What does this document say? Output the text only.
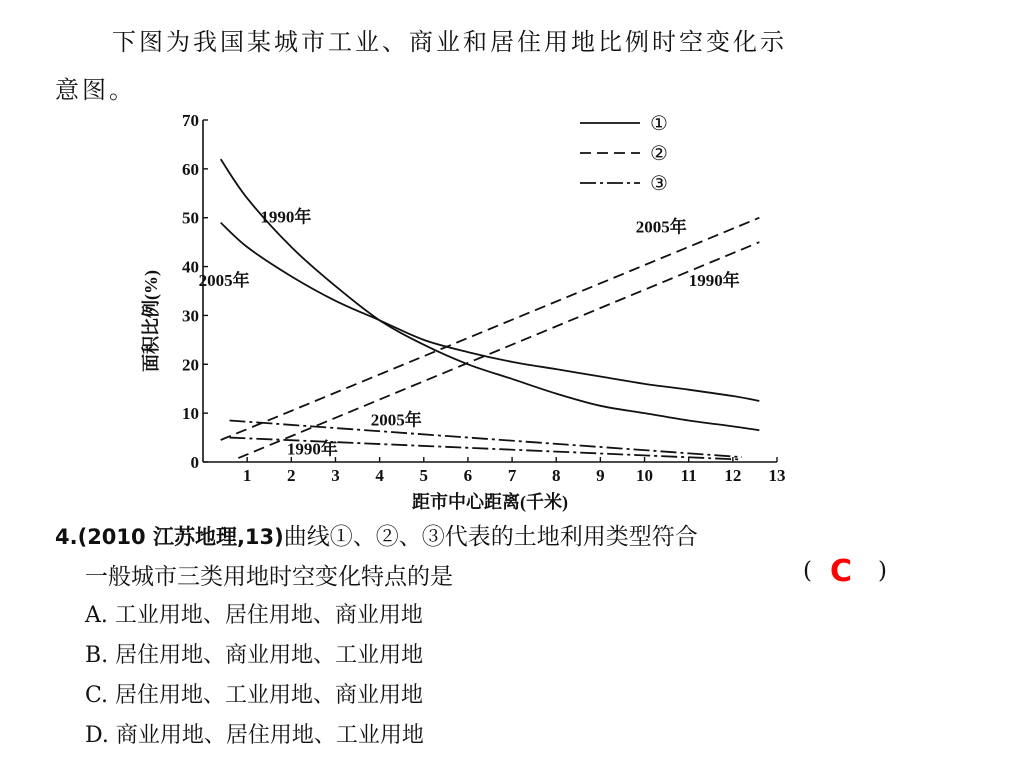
下图为我国某城市工业、商业和居住用地比例时空变化示
意图。
0
10
20
30
40
50
60
70
1 2 3 4 5 6 7 8 9 10 11 12 13
距市中心距离(千米)
面积比例(%)
1990年
2005年
2005年
1990年
2005年
1990年
①
②
③
4.(2010 江苏地理,13)曲线①、②、③代表的土地利用类型符合
一般城市三类用地时空变化特点的是	( C )
A. 工业用地、居住用地、商业用地
B. 居住用地、商业用地、工业用地
C. 居住用地、工业用地、商业用地
D. 商业用地、居住用地、工业用地
